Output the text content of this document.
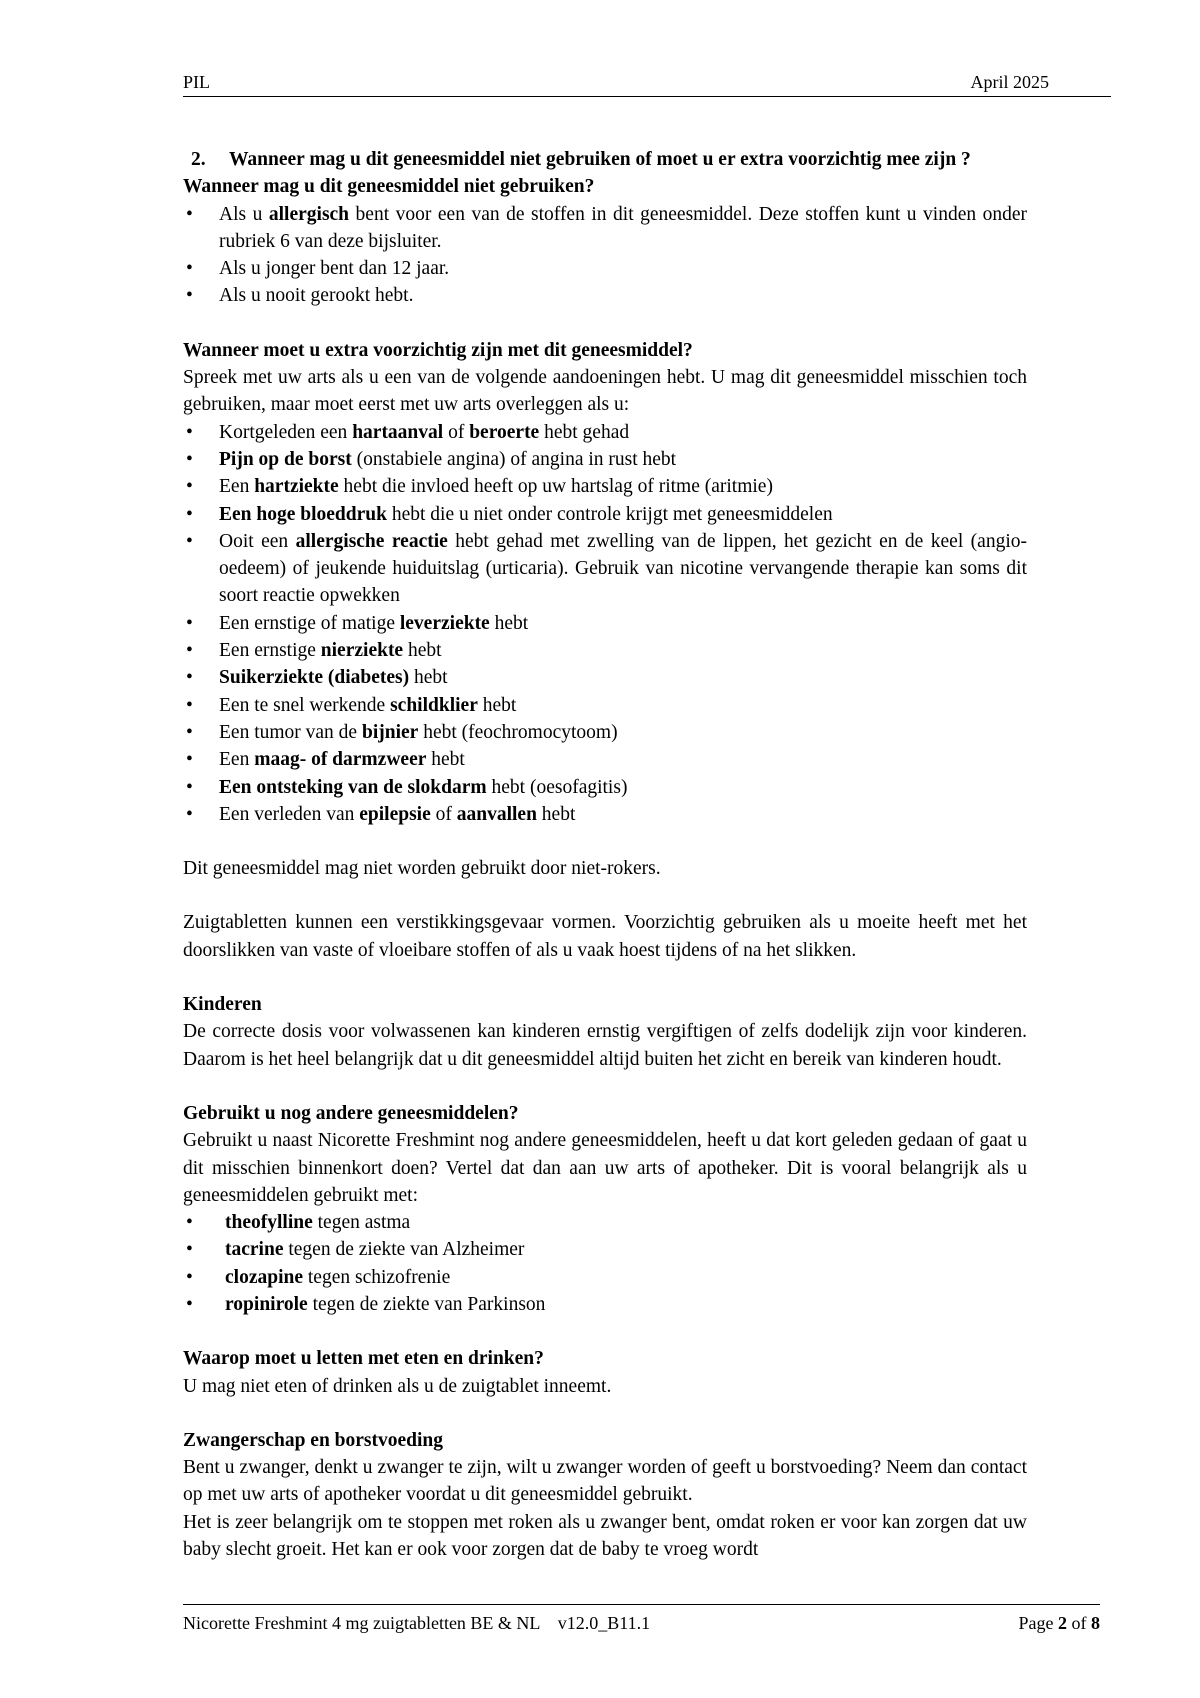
PIL	April 2025
2.	Wanneer mag u dit geneesmiddel niet gebruiken of moet u er extra voorzichtig mee zijn ?
Wanneer mag u dit geneesmiddel niet gebruiken?
• Als u allergisch bent voor een van de stoffen in dit geneesmiddel. Deze stoffen kunt u vinden onder rubriek 6 van deze bijsluiter.
• Als u jonger bent dan 12 jaar.
• Als u nooit gerookt hebt.
Wanneer moet u extra voorzichtig zijn met dit geneesmiddel?

Spreek met uw arts als u een van de volgende aandoeningen hebt. U mag dit geneesmiddel misschien toch gebruiken, maar moet eerst met uw arts overleggen als u:

• Kortgeleden een hartaanval of beroerte hebt gehad
• Pijn op de borst (onstabiele angina) of angina in rust hebt
• Een hartziekte hebt die invloed heeft op uw hartslag of ritme (aritmie)
• Een hoge bloeddruk hebt die u niet onder controle krijgt met geneesmiddelen
• Ooit een allergische reactie hebt gehad met zwelling van de lippen, het gezicht en de keel (angio-oedeem) of jeukende huiduitslag (urticaria). Gebruik van nicotine vervangende therapie kan soms dit soort reactie opwekken
• Een ernstige of matige leverziekte hebt
• Een ernstige nierziekte hebt
• Suikerziekte (diabetes) hebt
• Een te snel werkende schildklier hebt
• Een tumor van de bijnier hebt (feochromocytoom)
• Een maag- of darmzweer hebt
• Een ontsteking van de slokdarm hebt (oesofagitis)
• Een verleden van epilepsie of aanvallen hebt

Dit geneesmiddel mag niet worden gebruikt door niet-rokers.

Zuigtabletten kunnen een verstikkingsgevaar vormen. Voorzichtig gebruiken als u moeite heeft met het doorslikken van vaste of vloeibare stoffen of als u vaak hoest tijdens of na het slikken.

Kinderen

De correcte dosis voor volwassenen kan kinderen ernstig vergiftigen of zelfs dodelijk zijn voor kinderen. Daarom is het heel belangrijk dat u dit geneesmiddel altijd buiten het zicht en bereik van kinderen houdt.

Gebruikt u nog andere geneesmiddelen?

Gebruikt u naast Nicorette Freshmint nog andere geneesmiddelen, heeft u dat kort geleden gedaan of gaat u dit misschien binnenkort doen? Vertel dat dan aan uw arts of apotheker. Dit is vooral belangrijk als u geneesmiddelen gebruikt met:

• theofylline tegen astma
• tacrine tegen de ziekte van Alzheimer
• clozapine tegen schizofrenie
• ropinirole tegen de ziekte van Parkinson
Waarop moet u letten met eten en drinken?

U mag niet eten of drinken als u de zuigtablet inneemt.

Zwangerschap en borstvoeding

Bent u zwanger, denkt u zwanger te zijn, wilt u zwanger worden of geeft u borstvoeding? Neem dan contact op met uw arts of apotheker voordat u dit geneesmiddel gebruikt.

Het is zeer belangrijk om te stoppen met roken als u zwanger bent, omdat roken er voor kan zorgen dat uw baby slecht groeit. Het kan er ook voor zorgen dat de baby te vroeg wordt

Nicorette Freshmint 4 mg zuigtabletten BE & NL    v12.0_B11.1	Page 2 of 8
